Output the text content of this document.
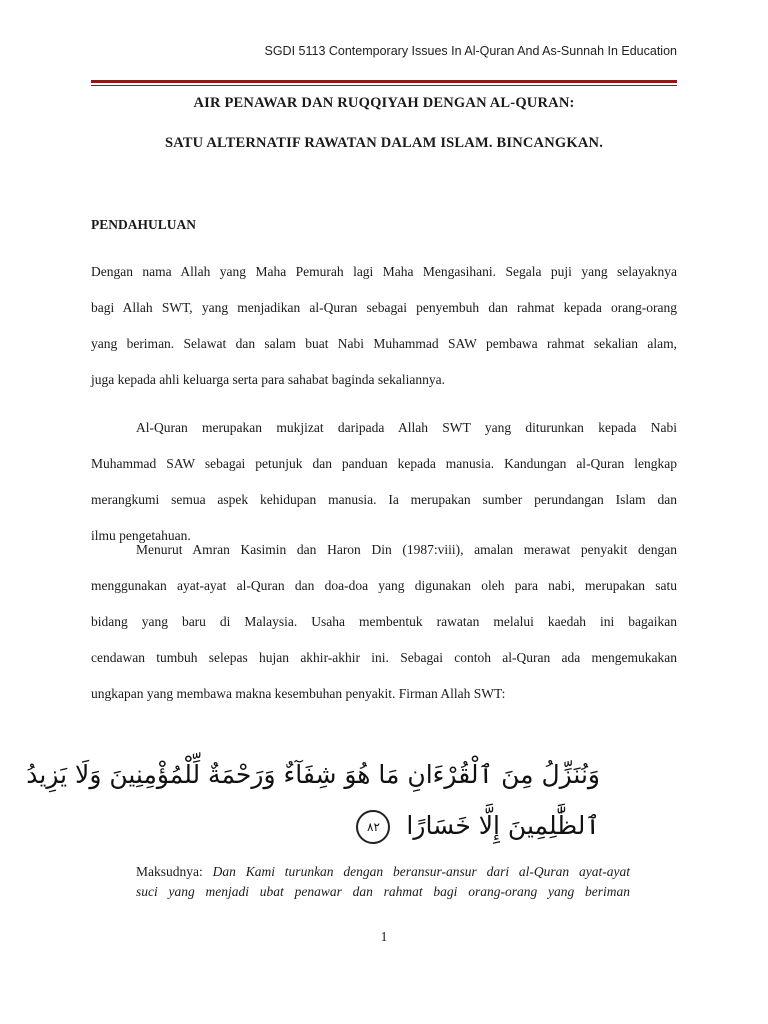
SGDI 5113 Contemporary Issues In Al-Quran And As-Sunnah In Education
AIR PENAWAR DAN RUQQIYAH DENGAN AL-QURAN:
SATU ALTERNATIF RAWATAN DALAM ISLAM. BINCANGKAN.
PENDAHULUAN
Dengan nama Allah yang Maha Pemurah lagi Maha Mengasihani. Segala puji yang selayaknya
bagi Allah SWT, yang menjadikan al-Quran sebagai penyembuh dan rahmat kepada orang-orang
yang beriman. Selawat dan salam buat Nabi Muhammad SAW pembawa rahmat sekalian alam,
juga kepada ahli keluarga serta para sahabat baginda sekaliannya.
Al-Quran merupakan mukjizat daripada Allah SWT yang diturunkan kepada Nabi
Muhammad SAW sebagai petunjuk dan panduan kepada manusia. Kandungan al-Quran lengkap
merangkumi semua aspek kehidupan manusia. Ia merupakan sumber perundangan Islam dan
ilmu pengetahuan.
Menurut Amran Kasimin dan Haron Din (1987:viii), amalan merawat penyakit dengan
menggunakan ayat-ayat al-Quran dan doa-doa yang digunakan oleh para nabi, merupakan satu
bidang yang baru di Malaysia. Usaha membentuk rawatan melalui kaedah ini bagaikan
cendawan tumbuh selepas hujan akhir-akhir ini. Sebagai contoh al-Quran ada mengemukakan
ungkapan yang membawa makna kesembuhan penyakit. Firman Allah SWT:
وَنُنَزِّلُ مِنَ ٱلْقُرْءَانِ مَا هُوَ شِفَآءٌ وَرَحْمَةٌ لِّلْمُؤْمِنِينَ وَلَا يَزِيدُ
ٱلظَّٰلِمِينَ إِلَّا خَسَارًا ٨٢
Maksudnya: Dan Kami turunkan dengan beransur-ansur dari al-Quran ayat-ayat
suci yang menjadi ubat penawar dan rahmat bagi orang-orang yang beriman
1
